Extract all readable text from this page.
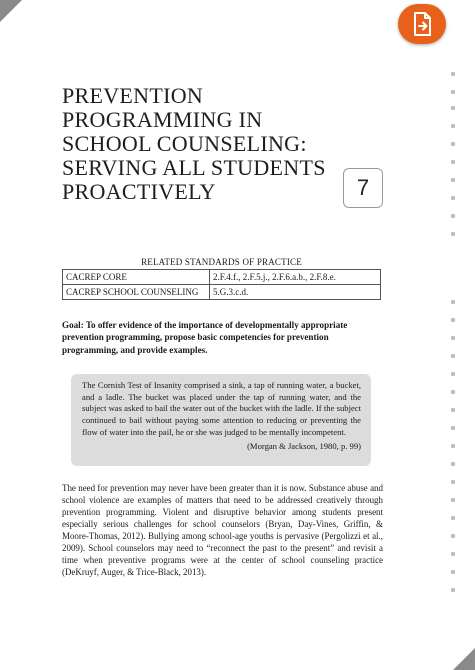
PREVENTION
PROGRAMMING IN
SCHOOL COUNSELING:
SERVING ALL STUDENTS
PROACTIVELY	7
RELATED STANDARDS OF PRACTICE
CACREP CORE	2.F.4.f., 2.F.5.j., 2.F.6.a.b., 2.F.8.e.
CACREP SCHOOL COUNSELING	5.G.3.c.d.

Goal: To offer evidence of the importance of developmentally appropriate prevention programming, propose basic competencies for prevention programming, and provide examples.

The Cornish Test of Insanity comprised a sink, a tap of running water, a bucket, and a ladle. The bucket was placed under the tap of running water, and the subject was asked to bail the water out of the bucket with the ladle. If the subject continued to bail without paying some attention to reducing or preventing the flow of water into the pail, he or she was judged to be mentally incompetent.

(Morgan & Jackson, 1980, p. 99)

The need for prevention may never have been greater than it is now. Substance abuse and school violence are examples of matters that need to be addressed creatively through prevention programming. Violent and disruptive behavior among students present especially serious challenges for school counselors (Bryan, Day-Vines, Griffin, & Moore-Thomas, 2012). Bullying among school-age youths is pervasive (Pergolizzi et al., 2009). School counselors may need to “reconnect the past to the present” and revisit a time when preventive programs were at the center of school counseling practice (DeKruyf, Auger, & Trice-Black, 2013).
